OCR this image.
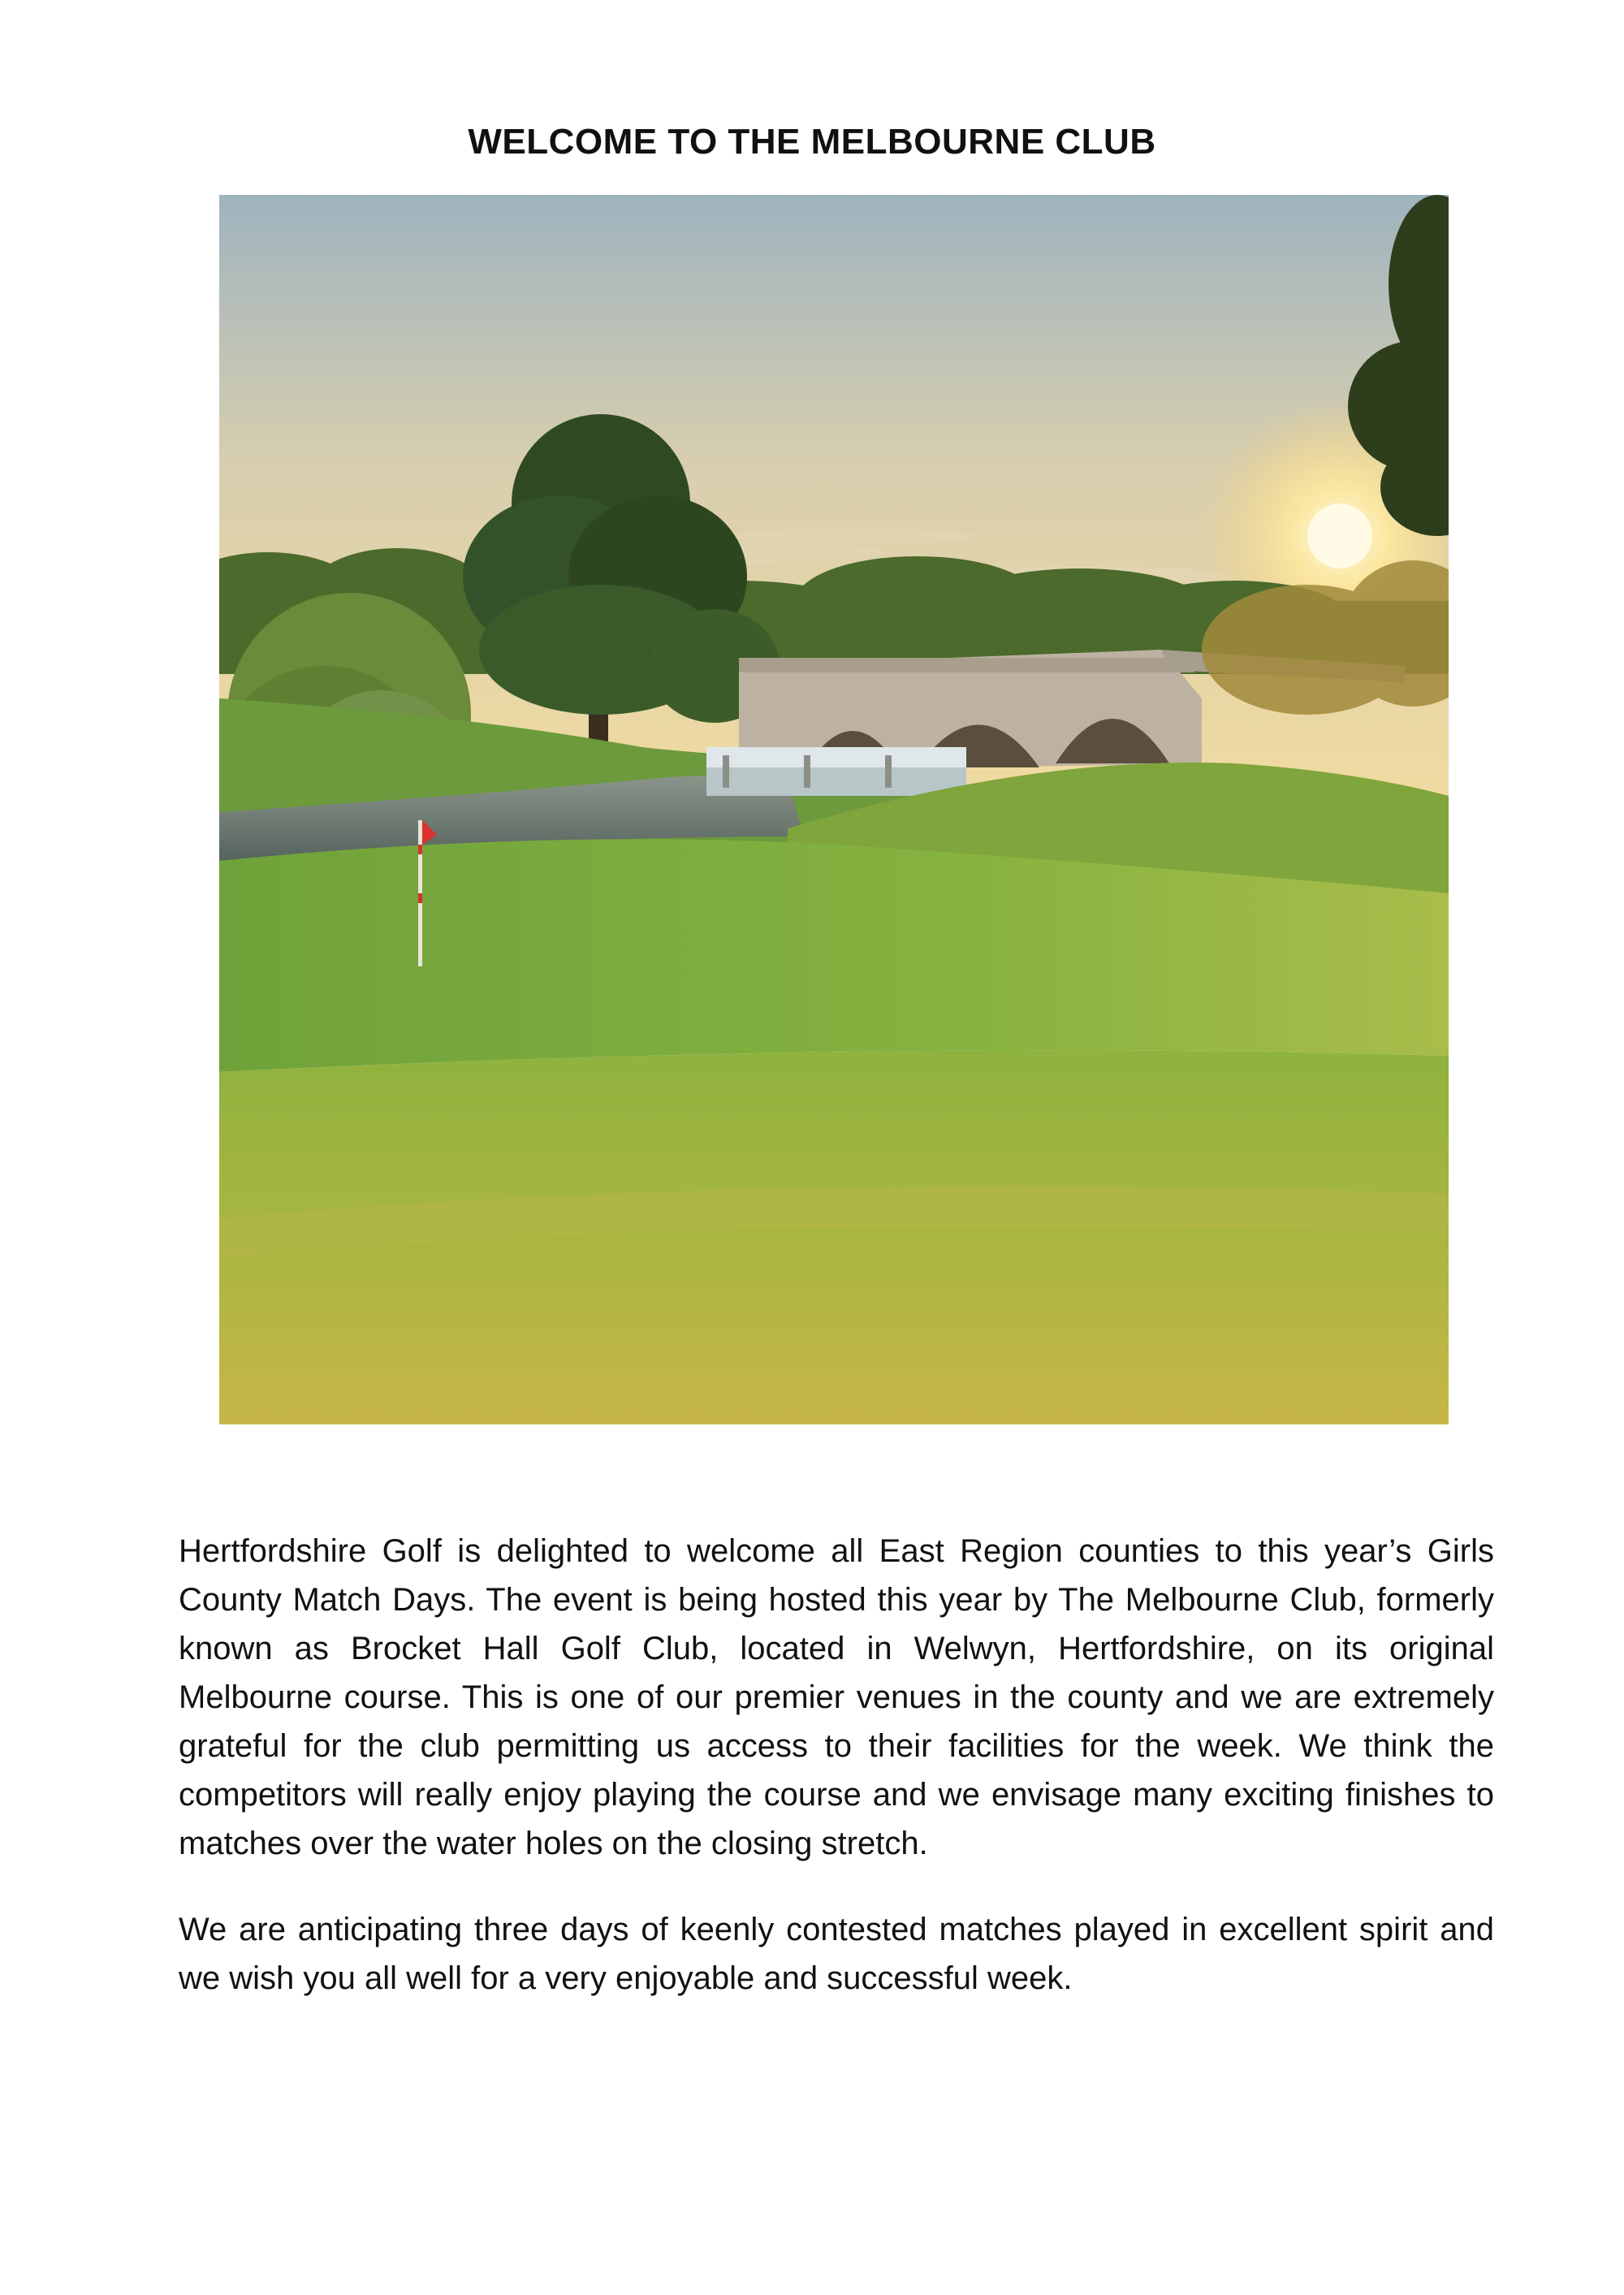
WELCOME TO THE MELBOURNE CLUB

Hertfordshire Golf is delighted to welcome all East Region counties to this year’s Girls County Match Days. The event is being hosted this year by The Melbourne Club, formerly known as Brocket Hall Golf Club, located in Welwyn, Hertfordshire, on its original Melbourne course. This is one of our premier venues in the county and we are extremely grateful for the club permitting us access to their facilities for the week. We think the competitors will really enjoy playing the course and we envisage many exciting finishes to matches over the water holes on the closing stretch.

We are anticipating three days of keenly contested matches played in excellent spirit and we wish you all well for a very enjoyable and successful week.
